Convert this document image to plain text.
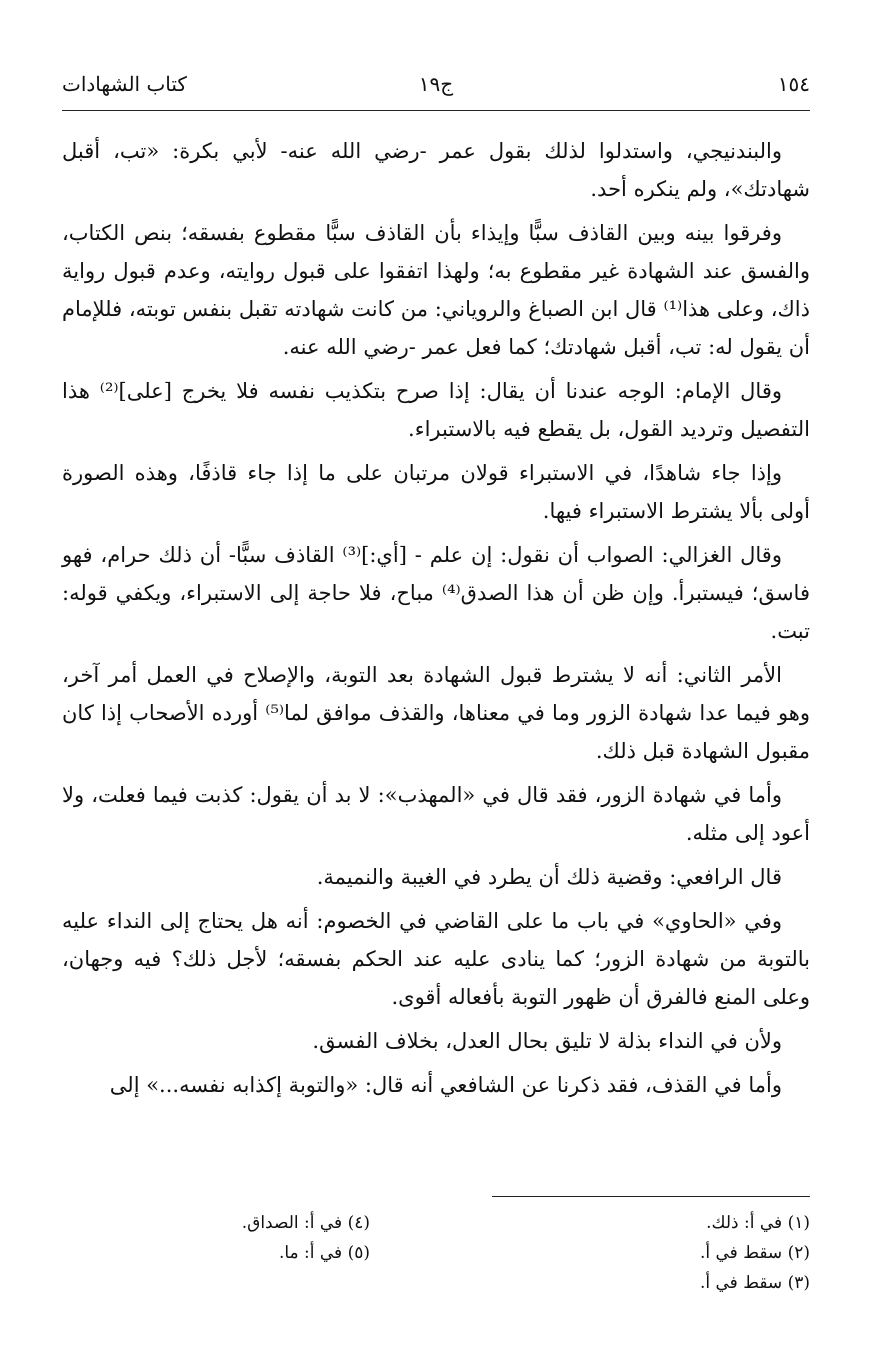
١٥٤
ج١٩
كتاب الشهادات

والبندنيجي، واستدلوا لذلك بقول عمر -رضي الله عنه- لأبي بكرة: «تب، أقبل شهادتك»، ولم ينكره أحد.

وفرقوا بينه وبين القاذف سبًّا وإيذاء بأن القاذف سبًّا مقطوع بفسقه؛ بنص الكتاب، والفسق عند الشهادة غير مقطوع به؛ ولهذا اتفقوا على قبول روايته، وعدم قبول رواية ذاك، وعلى هذا⁽¹⁾ قال ابن الصباغ والروياني: من كانت شهادته تقبل بنفس توبته، فللإمام أن يقول له: تب، أقبل شهادتك؛ كما فعل عمر -رضي الله عنه.

وقال الإمام: الوجه عندنا أن يقال: إذا صرح بتكذيب نفسه فلا يخرج [على]⁽²⁾ هذا التفصيل وترديد القول، بل يقطع فيه بالاستبراء.

وإذا جاء شاهدًا، في الاستبراء قولان مرتبان على ما إذا جاء قاذفًا، وهذه الصورة أولى بألا يشترط الاستبراء فيها.

وقال الغزالي: الصواب أن نقول: إن علم - [أي:]⁽³⁾ القاذف سبًّا- أن ذلك حرام، فهو فاسق؛ فيستبرأ. وإن ظن أن هذا الصدق⁽⁴⁾ مباح، فلا حاجة إلى الاستبراء، ويكفي قوله: تبت.

الأمر الثاني: أنه لا يشترط قبول الشهادة بعد التوبة، والإصلاح في العمل أمر آخر، وهو فيما عدا شهادة الزور وما في معناها، والقذف موافق لما⁽⁵⁾ أورده الأصحاب إذا كان مقبول الشهادة قبل ذلك.

وأما في شهادة الزور، فقد قال في «المهذب»: لا بد أن يقول: كذبت فيما فعلت، ولا أعود إلى مثله.

قال الرافعي: وقضية ذلك أن يطرد في الغيبة والنميمة.

وفي «الحاوي» في باب ما على القاضي في الخصوم: أنه هل يحتاج إلى النداء عليه بالتوبة من شهادة الزور؛ كما ينادى عليه عند الحكم بفسقه؛ لأجل ذلك؟ فيه وجهان، وعلى المنع فالفرق أن ظهور التوبة بأفعاله أقوى.

ولأن في النداء بذلة لا تليق بحال العدل، بخلاف الفسق.

وأما في القذف، فقد ذكرنا عن الشافعي أنه قال: «والتوبة إكذابه نفسه...» إلى

(١) في أ: ذلك.
(٢) سقط في أ.
(٣) سقط في أ.
(٤) في أ: الصداق.
(٥) في أ: ما.
